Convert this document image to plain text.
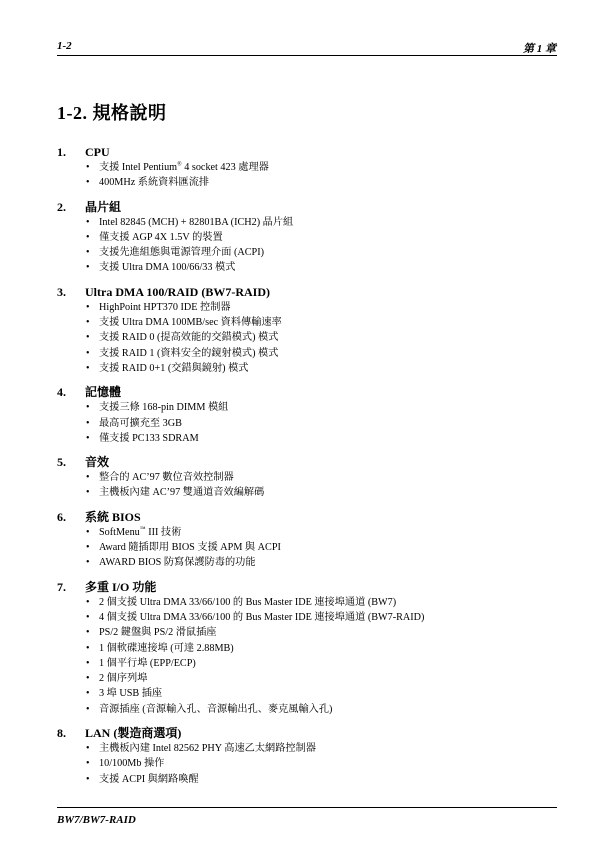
1-2	第 1 章
1-2. 規格說明
1.	CPU
• 支援 Intel Pentium® 4 socket 423 處理器
• 400MHz 系統資料匯流排
2.	晶片組
• Intel 82845 (MCH) + 82801BA (ICH2) 晶片組
• 僅支援 AGP 4X 1.5V 的裝置
• 支援先進組態與電源管理介面 (ACPI)
• 支援 Ultra DMA 100/66/33 模式
3.	Ultra DMA 100/RAID (BW7-RAID)
• HighPoint HPT370 IDE 控制器
• 支援 Ultra DMA 100MB/sec 資料傳輸速率
• 支援 RAID 0 (提高效能的交錯模式) 模式
• 支援 RAID 1 (資料安全的鏡射模式) 模式
• 支援 RAID 0+1 (交錯與鏡射) 模式
4.	記憶體
• 支援三條 168-pin DIMM 模組
• 最高可擴充至 3GB
• 僅支援 PC133 SDRAM
5.	音效
• 整合的 AC’97 數位音效控制器
• 主機板內建 AC’97 雙通道音效編解碼
6.	系統 BIOS
• SoftMenu™ III 技術
• Award 隨插即用 BIOS 支援 APM 與 ACPI
• AWARD BIOS 防寫保護防毒的功能
7.	多重 I/O 功能
• 2 個支援 Ultra DMA 33/66/100 的 Bus Master IDE 連接埠通道 (BW7)
• 4 個支援 Ultra DMA 33/66/100 的 Bus Master IDE 連接埠通道 (BW7-RAID)
• PS/2 鍵盤與 PS/2 滑鼠插座
• 1 個軟碟連接埠 (可達 2.88MB)
• 1 個平行埠 (EPP/ECP)
• 2 個序列埠
• 3 埠 USB 插座
• 音源插座 (音源輸入孔、音源輸出孔、麥克風輸入孔)
8.	LAN (製造商選項)
• 主機板內建 Intel 82562 PHY 高速乙太網路控制器
• 10/100Mb 操作
• 支援 ACPI 與網路喚醒
BW7/BW7-RAID
